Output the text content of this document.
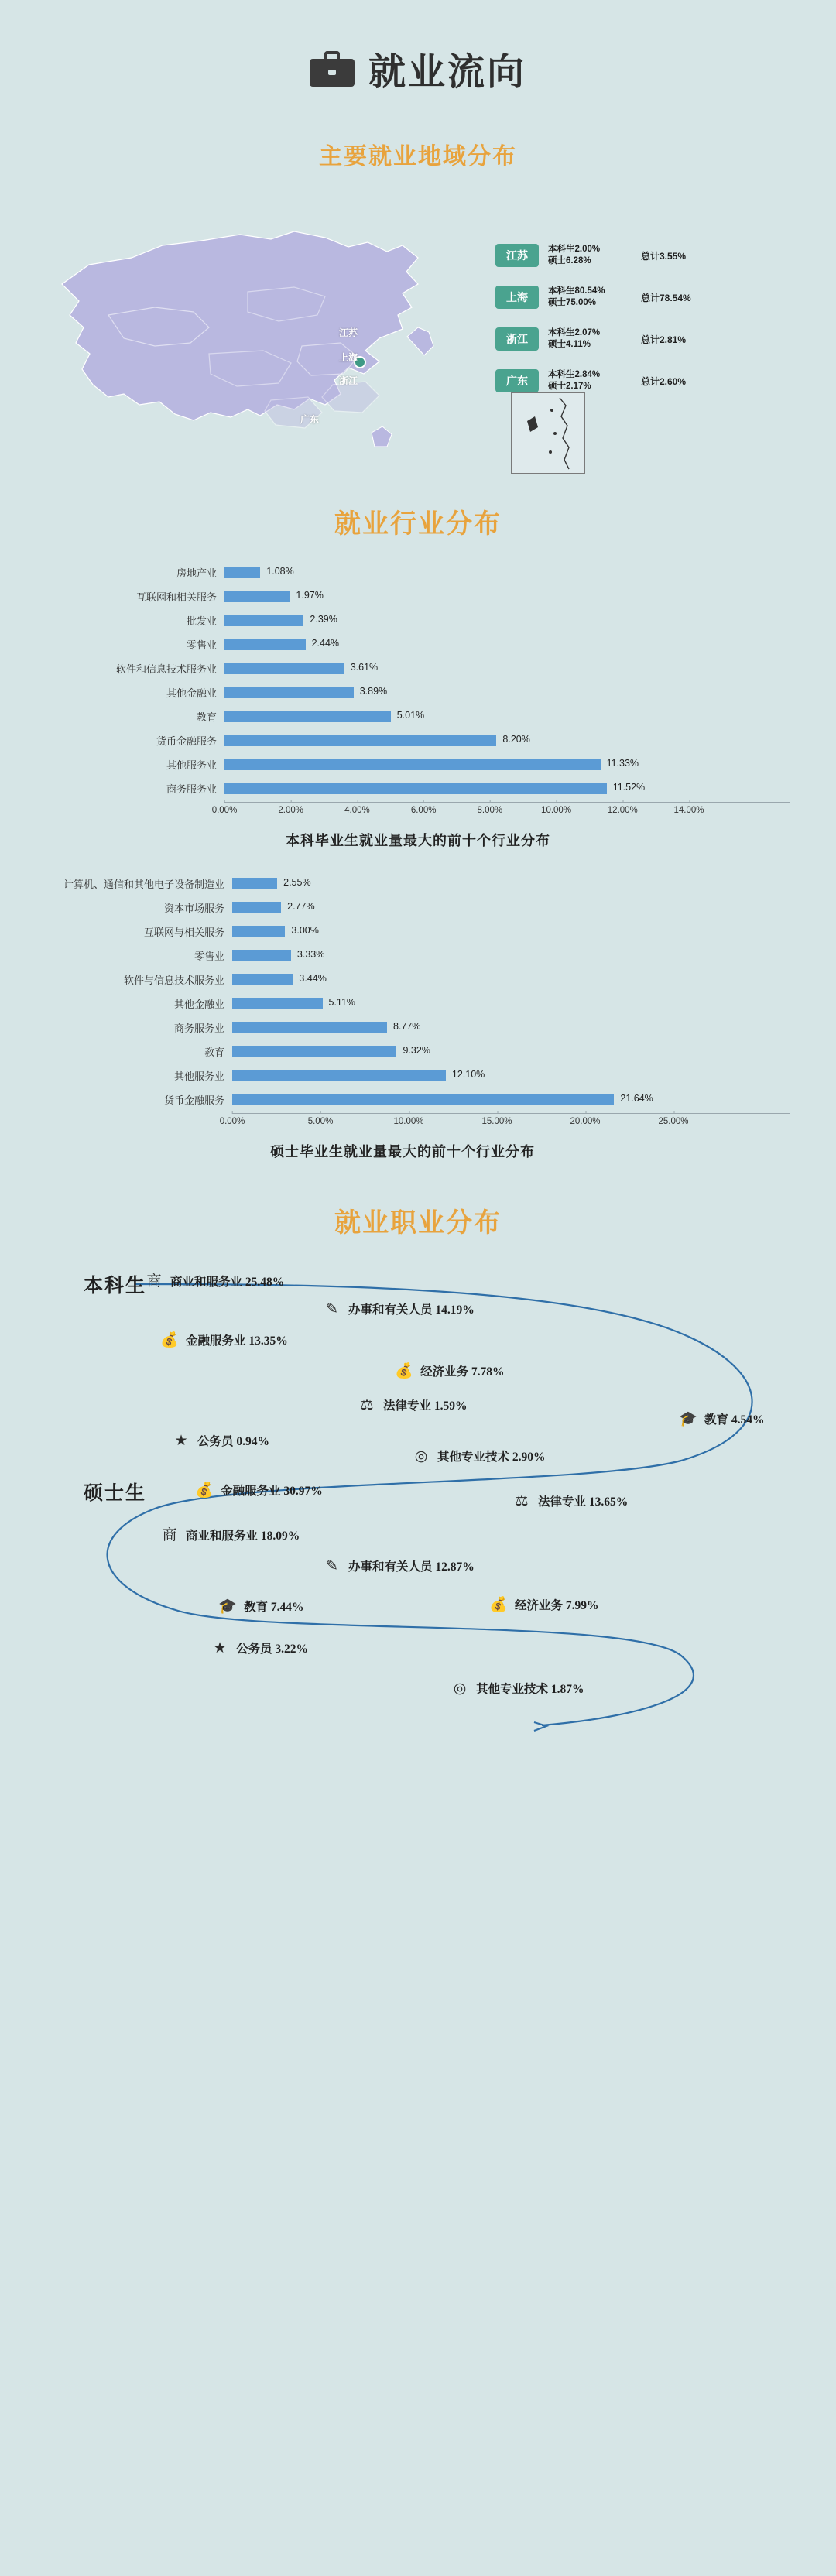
就业流向
主要就业地域分布
江苏
上海
浙江
广东
江苏
本科生2.00%
硕士6.28%	总计3.55%
上海
本科生80.54%
硕士75.00%	总计78.54%
浙江
本科生2.07%
硕士4.11%	总计2.81%
广东
本科生2.84%
硕士2.17%	总计2.60%
就业行业分布
房地产业	1.08%
互联网和相关服务	1.97%
批发业	2.39%
零售业	2.44%
软件和信息技术服务业	3.61%
其他金融业	3.89%
教育	5.01%
货币金融服务	8.20%
其他服务业	11.33%
商务服务业	11.52%
0.00%	2.00%	4.00%	6.00%	8.00%	10.00%	12.00%	14.00%
本科毕业生就业量最大的前十个行业分布
计算机、通信和其他电子设备制造业	2.55%
资本市场服务	2.77%
互联网与相关服务	3.00%
零售业	3.33%
软件与信息技术服务业	3.44%
其他金融业	5.11%
商务服务业	8.77%
教育	9.32%
其他服务业	12.10%
货币金融服务	21.64%
0.00%	5.00%	10.00%	15.00%	20.00%	25.00%
硕士毕业生就业量最大的前十个行业分布
就业职业分布
本科生
硕士生
商 商业和服务业 25.48%
✎ 办事和有关人员 14.19%
💰 金融服务业 13.35%
💰 经济业务 7.78%
⚖ 法律专业 1.59%
🎓 教育 4.54%
★ 公务员 0.94%
◎ 其他专业技术 2.90%
💰 金融服务业 30.97%
⚖ 法律专业 13.65%
商 商业和服务业 18.09%
✎ 办事和有关人员 12.87%
🎓 教育 7.44%	💰 经济业务 7.99%
★ 公务员 3.22%
◎ 其他专业技术 1.87%
